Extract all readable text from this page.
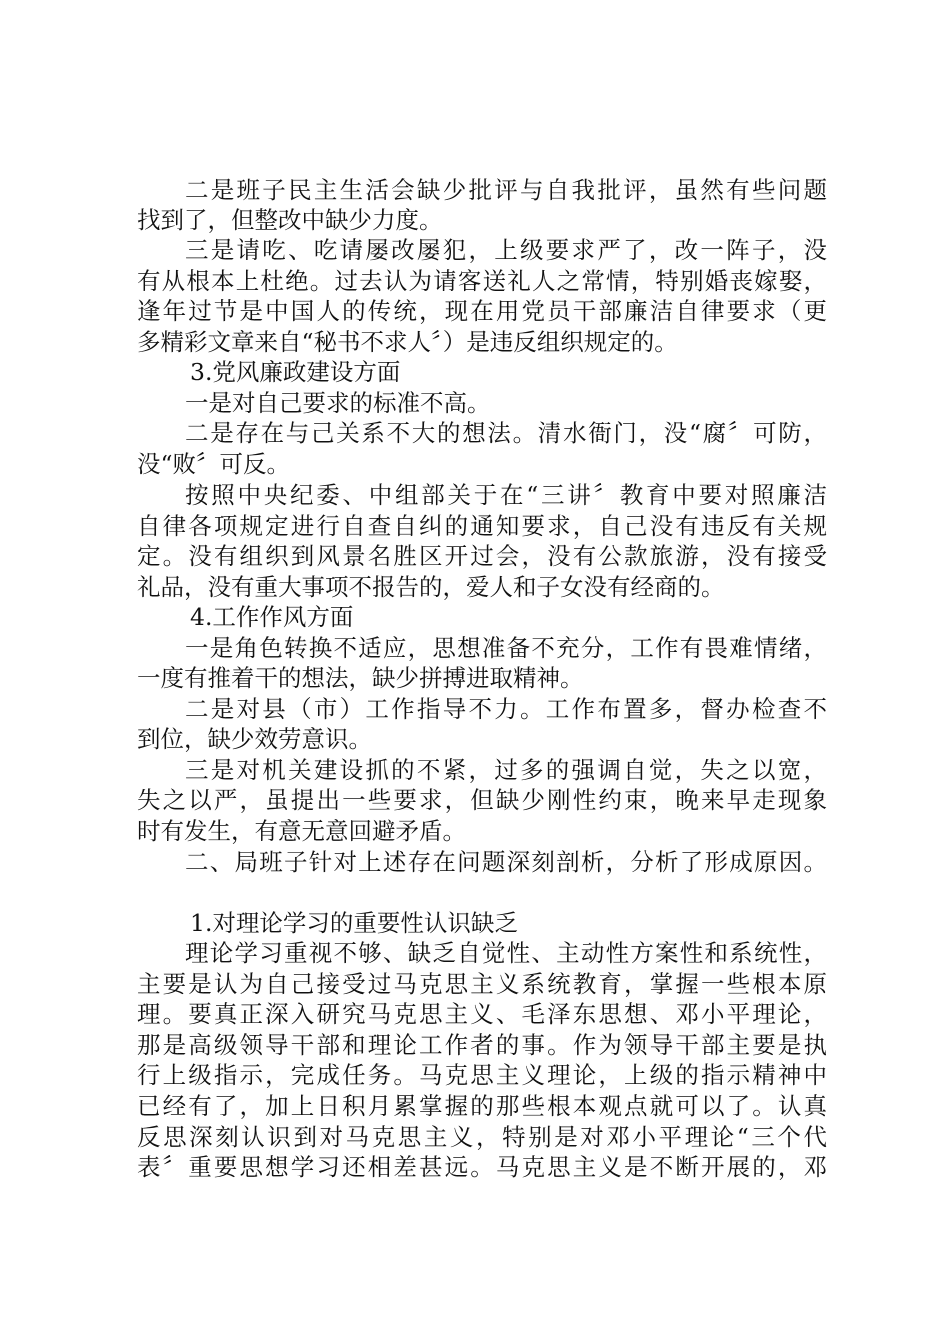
二是班子民主生活会缺少批评与自我批评，虽然有些问题
找到了，但整改中缺少力度。
三是请吃、吃请屡改屡犯，上级要求严了，改一阵子，没
有从根本上杜绝。过去认为请客送礼人之常情，特别婚丧嫁娶，
逢年过节是中国人的传统，现在用党员干部廉洁自律要求（更
多精彩文章来自“秘书不求人〞）是违反组织规定的。
3.党风廉政建设方面
一是对自己要求的标准不高。
二是存在与己关系不大的想法。清水衙门，没“腐〞可防，
没“败〞可反。
按照中央纪委、中组部关于在“三讲〞教育中要对照廉洁
自律各项规定进行自查自纠的通知要求，自己没有违反有关规
定。没有组织到风景名胜区开过会，没有公款旅游，没有接受
礼品，没有重大事项不报告的，爱人和子女没有经商的。
4.工作作风方面
一是角色转换不适应，思想准备不充分，工作有畏难情绪，
一度有推着干的想法，缺少拼搏进取精神。
二是对县（市）工作指导不力。工作布置多，督办检查不
到位，缺少效劳意识。
三是对机关建设抓的不紧，过多的强调自觉，失之以宽，
失之以严，虽提出一些要求，但缺少刚性约束，晚来早走现象
时有发生，有意无意回避矛盾。
二、局班子针对上述存在问题深刻剖析，分析了形成原因。
1.对理论学习的重要性认识缺乏
理论学习重视不够、缺乏自觉性、主动性方案性和系统性，
主要是认为自己接受过马克思主义系统教育，掌握一些根本原
理。要真正深入研究马克思主义、毛泽东思想、邓小平理论，
那是高级领导干部和理论工作者的事。作为领导干部主要是执
行上级指示，完成任务。马克思主义理论，上级的指示精神中
已经有了，加上日积月累掌握的那些根本观点就可以了。认真
反思深刻认识到对马克思主义，特别是对邓小平理论“三个代
表〞重要思想学习还相差甚远。马克思主义是不断开展的，邓
